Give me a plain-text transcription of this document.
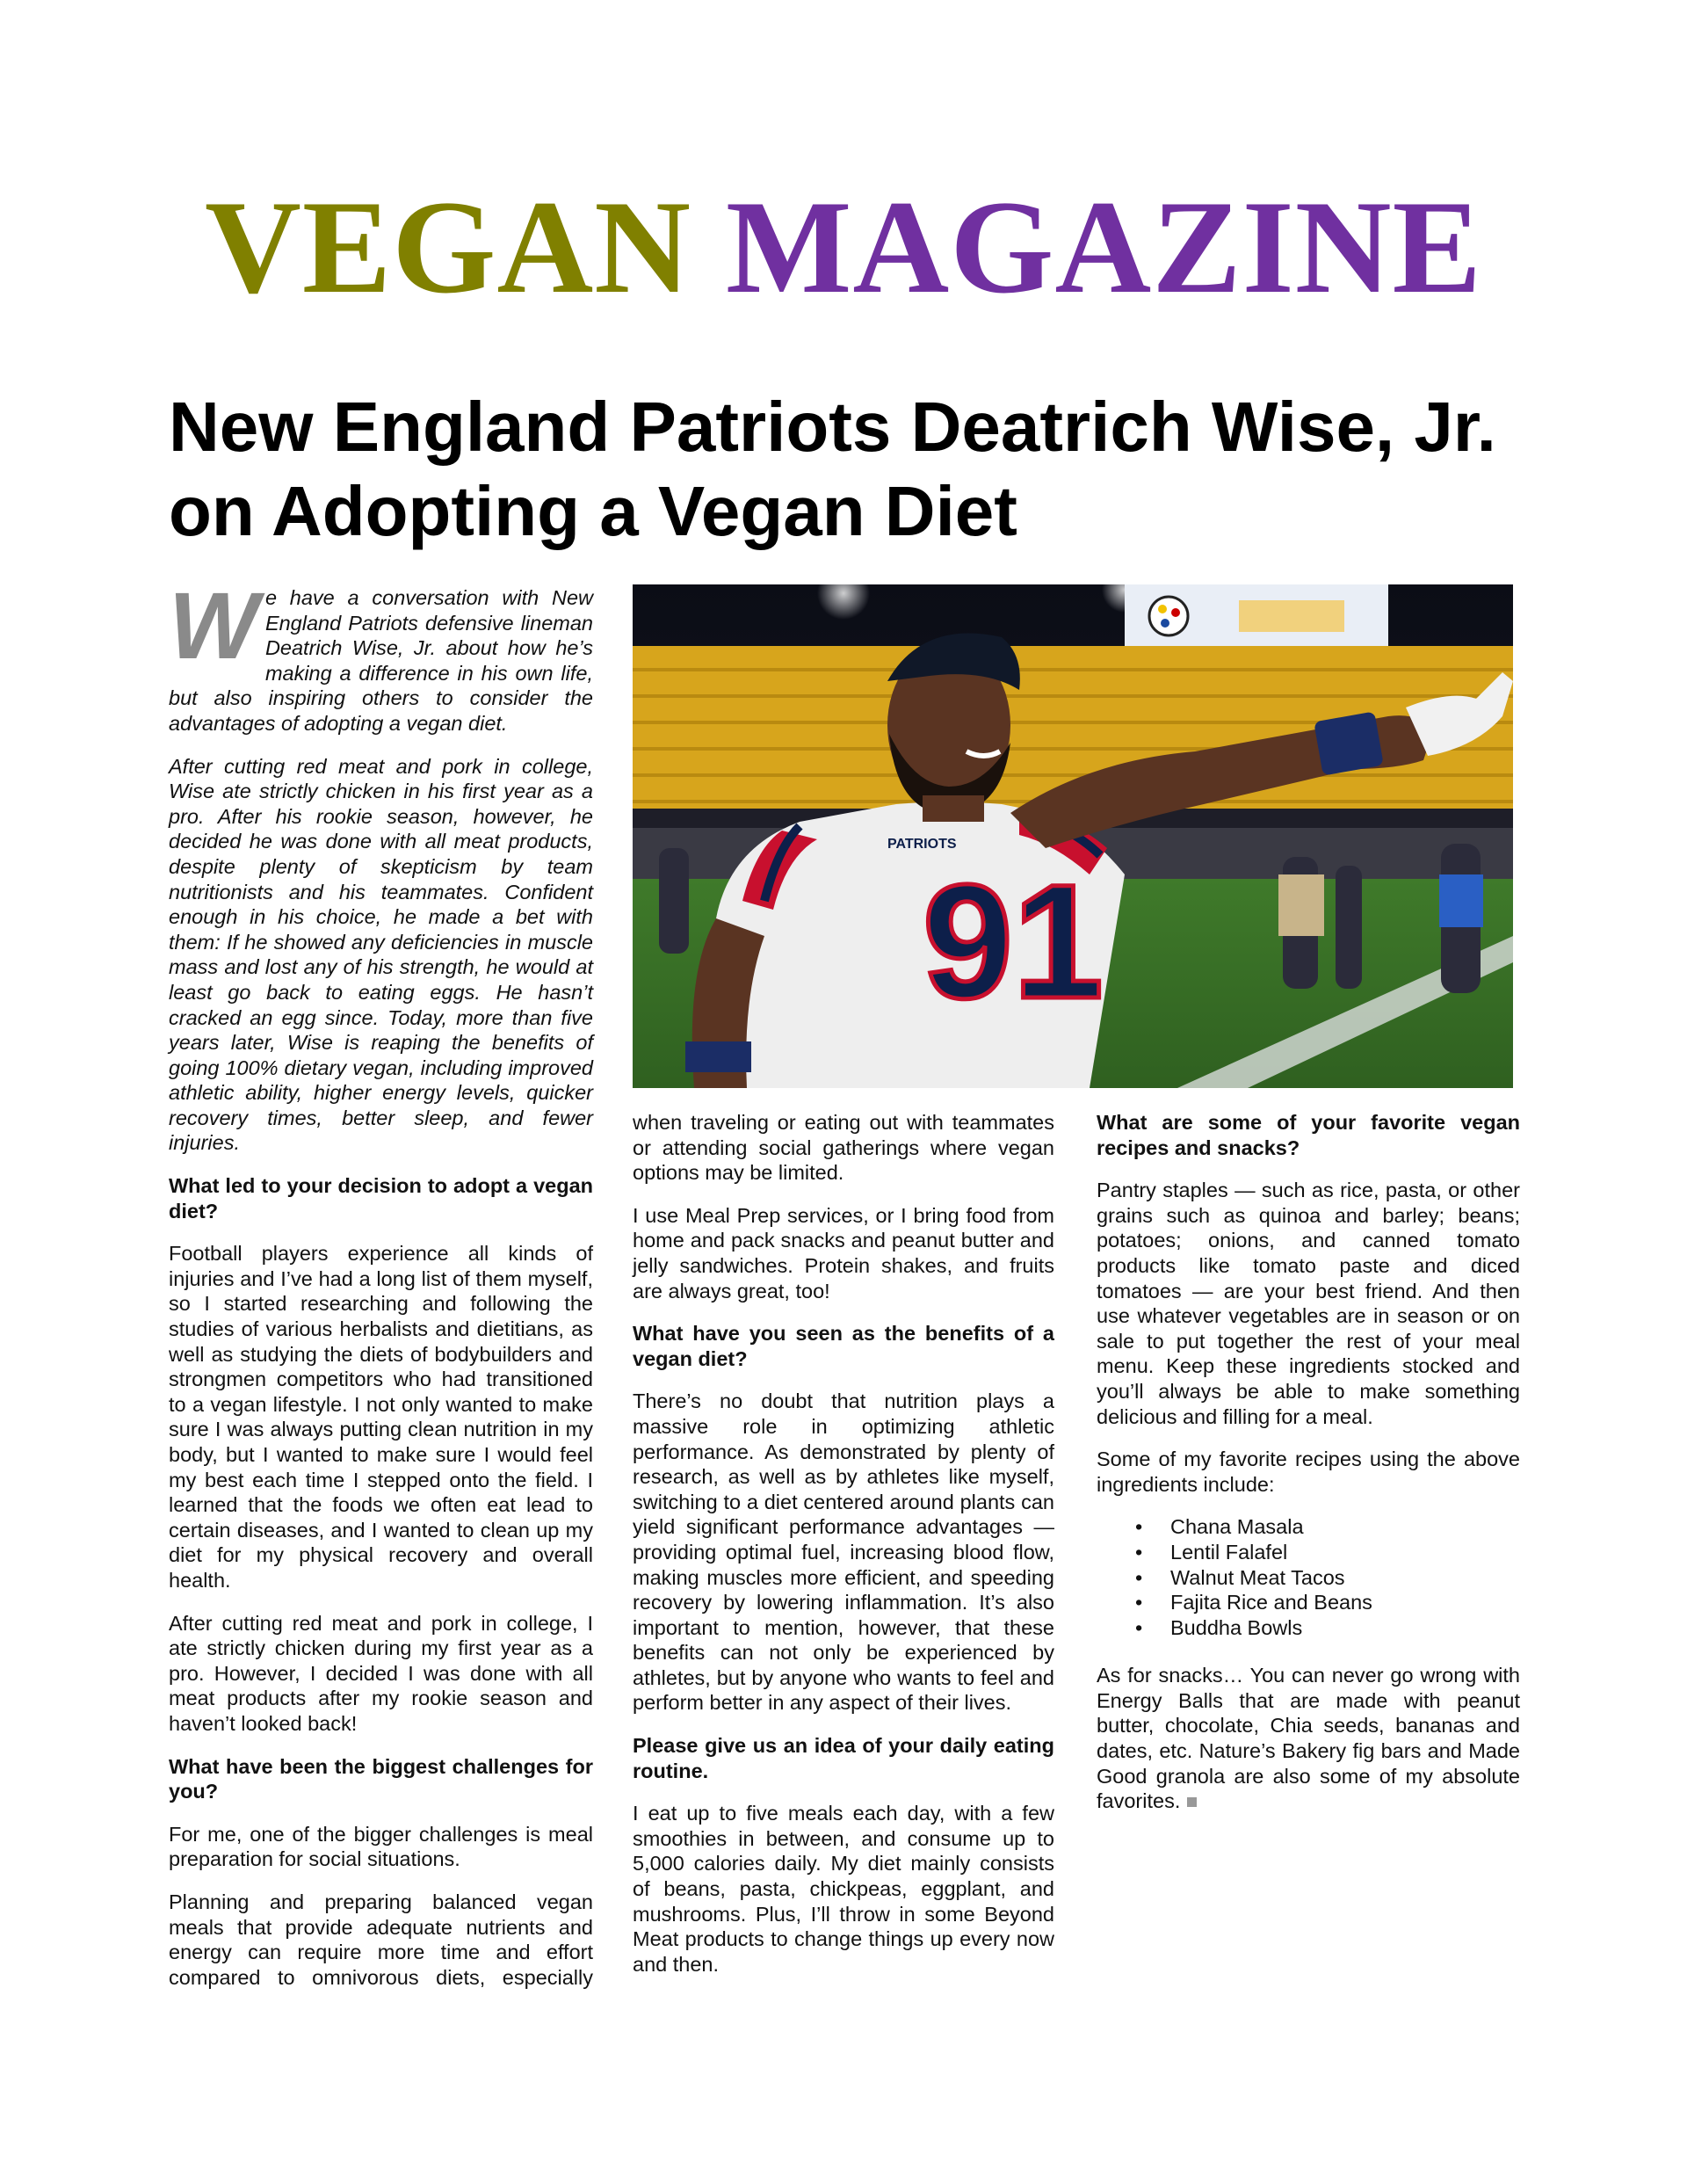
VEGAN MAGAZINE
New England Patriots Deatrich Wise, Jr. on Adopting a Vegan Diet

We have a conversation with New England Patriots defensive lineman Deatrich Wise, Jr. about how he’s making a difference in his own life, but also inspiring others to consider the advantages of adopting a vegan diet.

After cutting red meat and pork in college, Wise ate strictly chicken in his first year as a pro. After his rookie season, however, he decided he was done with all meat products, despite plenty of skepticism by team nutritionists and his teammates. Confident enough in his choice, he made a bet with them: If he showed any deficiencies in muscle mass and lost any of his strength, he would at least go back to eating eggs. He hasn’t cracked an egg since. Today, more than five years later, Wise is reaping the benefits of going 100% dietary vegan, including improved athletic ability, higher energy levels, quicker recovery times, better sleep, and fewer injuries.

What led to your decision to adopt a vegan diet?

Football players experience all kinds of injuries and I’ve had a long list of them myself, so I started researching and following the studies of various herbalists and dietitians, as well as studying the diets of bodybuilders and strongmen competitors who had transitioned to a vegan lifestyle. I not only wanted to make sure I was always putting clean nutrition in my body, but I wanted to make sure I would feel my best each time I stepped onto the field. I learned that the foods we often eat lead to certain diseases, and I wanted to clean up my diet for my physical recovery and overall health.

After cutting red meat and pork in college, I ate strictly chicken during my first year as a pro. However, I decided I was done with all meat products after my rookie season and haven’t looked back!

What have been the biggest challenges for you?

For me, one of the bigger challenges is meal preparation for social situations.

Planning and preparing balanced vegan meals that provide adequate nutrients and energy can require more time and effort compared to omnivorous diets, especially

91
PATRIOTS

when traveling or eating out with teammates or attending social gatherings where vegan options may be limited.

I use Meal Prep services, or I bring food from home and pack snacks and peanut butter and jelly sandwiches. Protein shakes, and fruits are always great, too!

What have you seen as the benefits of a vegan diet?

There’s no doubt that nutrition plays a massive role in optimizing athletic performance. As demonstrated by plenty of research, as well as by athletes like myself, switching to a diet centered around plants can yield significant performance advantages — providing optimal fuel, increasing blood flow, making muscles more efficient, and speeding recovery by lowering inflammation. It’s also important to mention, however, that these benefits can not only be experienced by athletes, but by anyone who wants to feel and perform better in any aspect of their lives.

Please give us an idea of your daily eating routine.

I eat up to five meals each day, with a few smoothies in between, and consume up to 5,000 calories daily. My diet mainly consists of beans, pasta, chickpeas, eggplant, and mushrooms. Plus, I’ll throw in some Beyond Meat products to change things up every now and then.

What are some of your favorite vegan recipes and snacks?

Pantry staples — such as rice, pasta, or other grains such as quinoa and barley; beans; potatoes; onions, and canned tomato products like tomato paste and diced tomatoes — are your best friend. And then use whatever vegetables are in season or on sale to put together the rest of your meal menu. Keep these ingredients stocked and you’ll always be able to make something delicious and filling for a meal.

Some of my favorite recipes using the above ingredients include:

• Chana Masala
• Lentil Falafel
• Walnut Meat Tacos
• Fajita Rice and Beans
• Buddha Bowls

As for snacks… You can never go wrong with Energy Balls that are made with peanut butter, chocolate, Chia seeds, bananas and dates, etc. Nature’s Bakery fig bars and Made Good granola are also some of my absolute favorites.
